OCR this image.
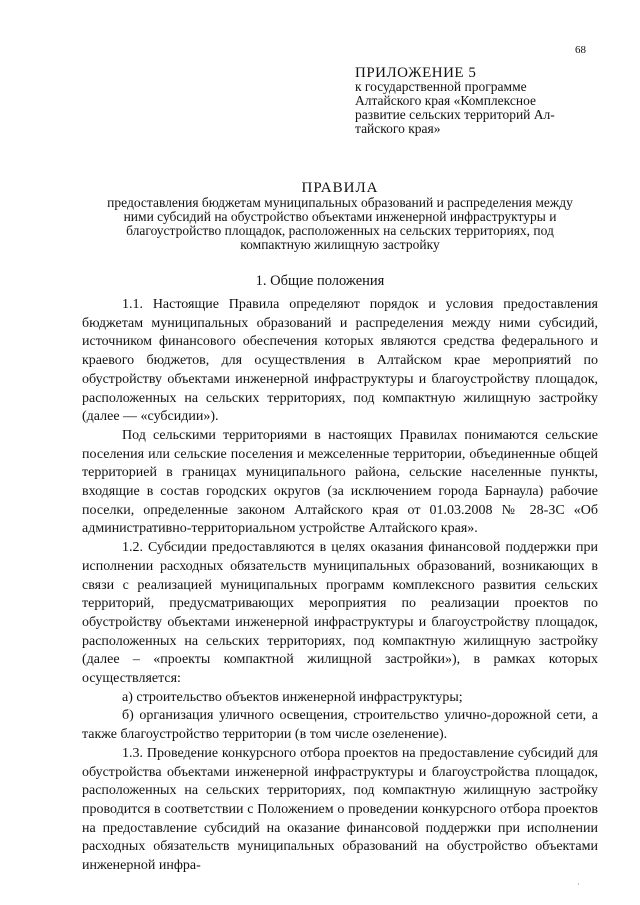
68
ПРИЛОЖЕНИЕ 5
к государственной программе
Алтайского края «Комплексное
развитие сельских территорий Ал-
тайского края»
ПРАВИЛА
предоставления бюджетам муниципальных образований и распределения между
ними субсидий на обустройство объектами инженерной инфраструктуры и
благоустройство площадок, расположенных на сельских территориях, под
компактную жилищную застройку
1. Общие положения

1.1. Настоящие Правила определяют порядок и условия предоставления бюджетам муниципальных образований и распределения между ними субсидий, источником финансового обеспечения которых являются средства федерального и краевого бюджетов, для осуществления в Алтайском крае мероприятий по обустройству объектами инженерной инфраструктуры и благоустройству площадок, расположенных на сельских территориях, под компактную жилищную застройку (далее — «субсидии»).

Под сельскими территориями в настоящих Правилах понимаются сельские поселения или сельские поселения и межселенные территории, объединенные общей территорией в границах муниципального района, сельские населенные пункты, входящие в состав городских округов (за исключением города Барнаула) рабочие поселки, определенные законом Алтайского края от 01.03.2008 № 28-ЗС «Об административно-территориальном устройстве Алтайского края».

1.2. Субсидии предоставляются в целях оказания финансовой поддержки при исполнении расходных обязательств муниципальных образований, возникающих в связи с реализацией муниципальных программ комплексного развития сельских территорий, предусматривающих мероприятия по реализации проектов по обустройству объектами инженерной инфраструктуры и благоустройству площадок, расположенных на сельских территориях, под компактную жилищную застройку (далее – «проекты компактной жилищной застройки»), в рамках которых осуществляется:

а) строительство объектов инженерной инфраструктуры;

б) организация уличного освещения, строительство улично-дорожной сети, а также благоустройство территории (в том числе озеленение).

1.3. Проведение конкурсного отбора проектов на предоставление субсидий для обустройства объектами инженерной инфраструктуры и благоустройства площадок, расположенных на сельских территориях, под компактную жилищную застройку проводится в соответствии с Положением о проведении конкурсного отбора проектов на предоставление субсидий на оказание финансовой поддержки при исполнении расходных обязательств муниципальных образований на обустройство объектами инженерной инфра-

·
